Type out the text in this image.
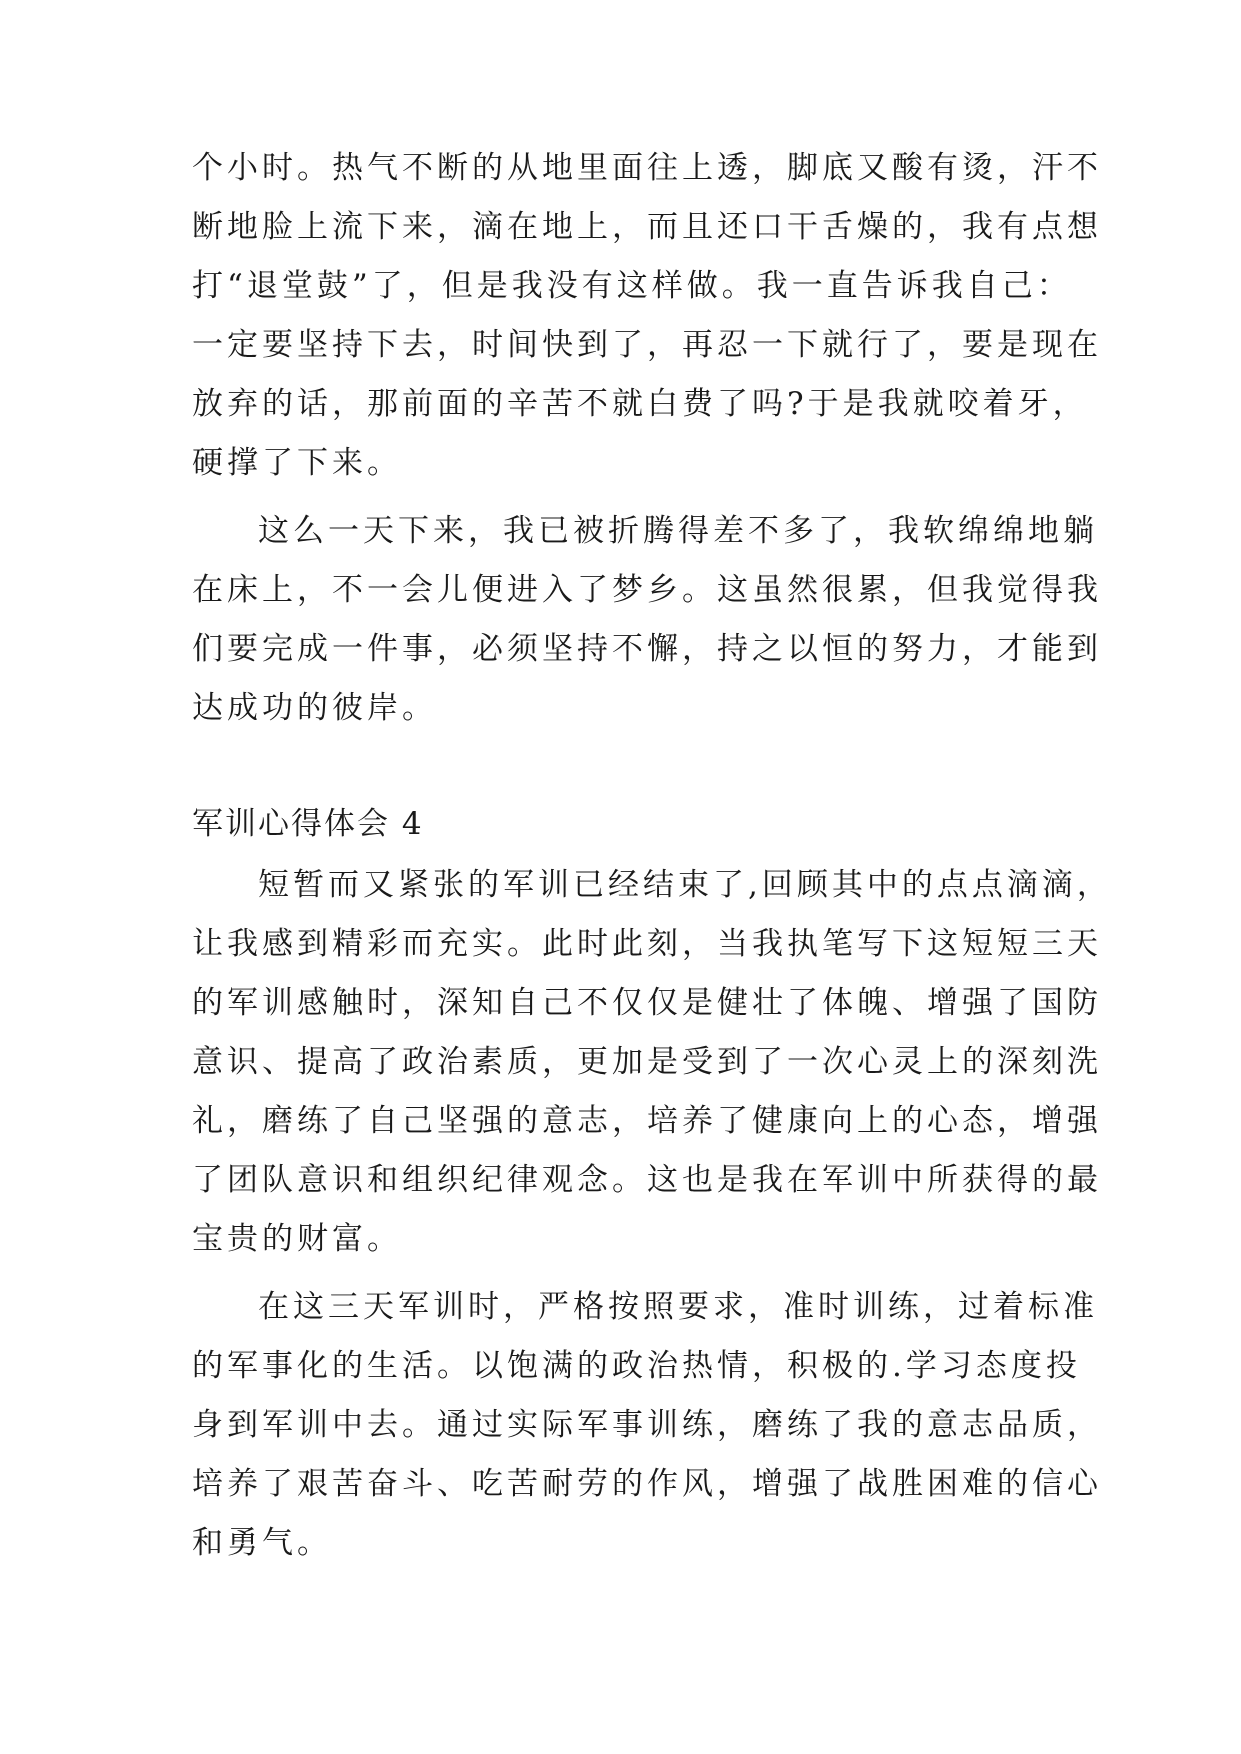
个小时。热气不断的从地里面往上透，脚底又酸有烫，汗不
断地脸上流下来，滴在地上，而且还口干舌燥的，我有点想
打“退堂鼓”了，但是我没有这样做。我一直告诉我自己：
一定要坚持下去，时间快到了，再忍一下就行了，要是现在
放弃的话，那前面的辛苦不就白费了吗?于是我就咬着牙，
硬撑了下来。
这么一天下来，我已被折腾得差不多了，我软绵绵地躺
在床上，不一会儿便进入了梦乡。这虽然很累，但我觉得我
们要完成一件事，必须坚持不懈，持之以恒的努力，才能到
达成功的彼岸。
军训心得体会 4
短暂而又紧张的军训已经结束了,回顾其中的点点滴滴，
让我感到精彩而充实。此时此刻，当我执笔写下这短短三天
的军训感触时，深知自己不仅仅是健壮了体魄、增强了国防
意识、提高了政治素质，更加是受到了一次心灵上的深刻洗
礼，磨练了自己坚强的意志，培养了健康向上的心态，增强
了团队意识和组织纪律观念。这也是我在军训中所获得的最
宝贵的财富。
在这三天军训时，严格按照要求，准时训练，过着标准
的军事化的生活。以饱满的政治热情，积极的.学习态度投
身到军训中去。通过实际军事训练，磨练了我的意志品质，
培养了艰苦奋斗、吃苦耐劳的作风，增强了战胜困难的信心
和勇气。
